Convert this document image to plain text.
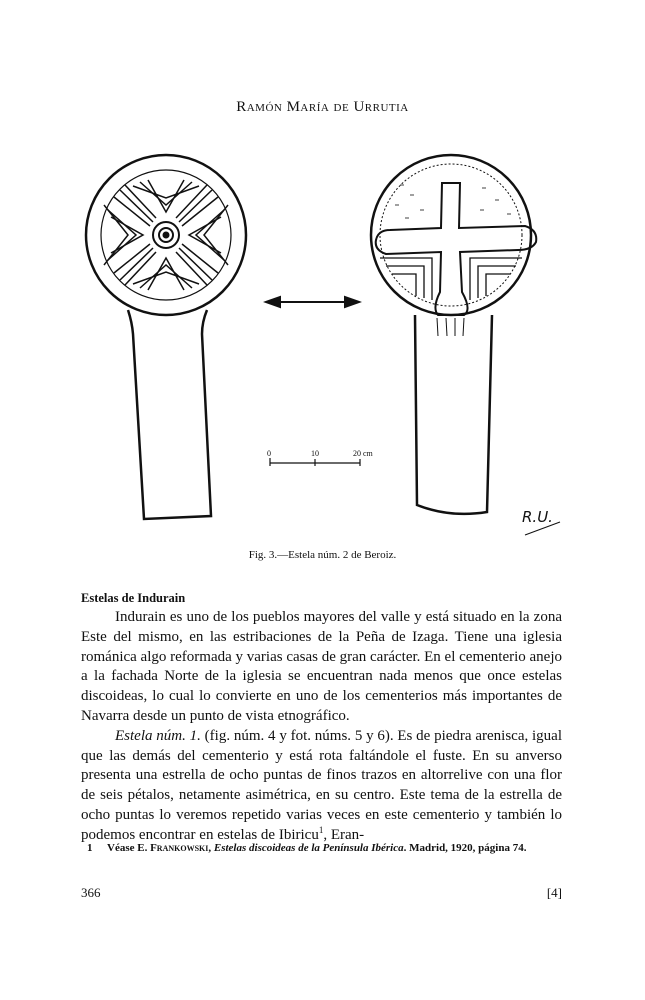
Ramón María de Urrutia
0	10	20 cm
R.U.
Fig. 3.—Estela núm. 2 de Beroiz.
Estelas de Indurain

Indurain es uno de los pueblos mayores del valle y está situado en la zona Este del mismo, en las estribaciones de la Peña de Izaga. Tiene una iglesia románica algo reformada y varias casas de gran carácter. En el cementerio anejo a la fachada Norte de la iglesia se encuentran nada menos que once estelas discoideas, lo cual lo convierte en uno de los cementerios más importantes de Navarra desde un punto de vista etnográfico.

Estela núm. 1. (fig. núm. 4 y fot. núms. 5 y 6). Es de piedra arenisca, igual que las demás del cementerio y está rota faltándole el fuste. En su anverso presenta una estrella de ocho puntas de finos trazos en altorrelive con una flor de seis pétalos, netamente asimétrica, en su centro. Este tema de la estrella de ocho puntas lo veremos repetido varias veces en este cementerio y también lo podemos encontrar en estelas de Ibiricu$^1$, Eran-

1 Véase E. Frankowski, Estelas discoideas de la Península Ibérica. Madrid, 1920, página 74.
366	[4]
